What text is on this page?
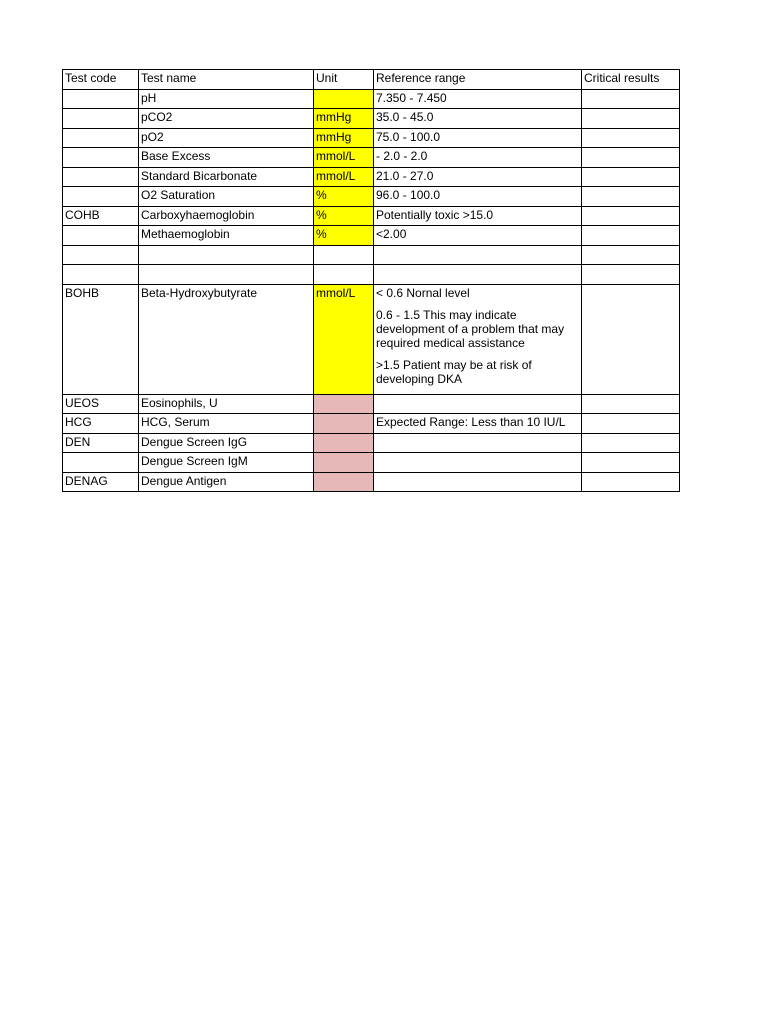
Test code	Test name	Unit	Reference range	Critical results
	pH		7.350 - 7.450	
	pCO2	mmHg	35.0 - 45.0	
	pO2	mmHg	75.0 - 100.0	
	Base Excess	mmol/L	- 2.0 - 2.0	
	Standard Bicarbonate	mmol/L	21.0 - 27.0	
	O2 Saturation	%	96.0 - 100.0	
COHB	Carboxyhaemoglobin	%	Potentially toxic >15.0	
	Methaemoglobin	%	<2.00	

BOHB	Beta-Hydroxybutyrate	mmol/L	< 0.6 Nornal level
0.6 - 1.5 This may indicate development of a problem that may required medical assistance
>1.5 Patient may be at risk of developing DKA	

UEOS	Eosinophils, U			
HCG	HCG, Serum		Expected Range: Less than 10 IU/L	
DEN	Dengue Screen IgG			
	Dengue Screen IgM			
DENAG	Dengue Antigen			
